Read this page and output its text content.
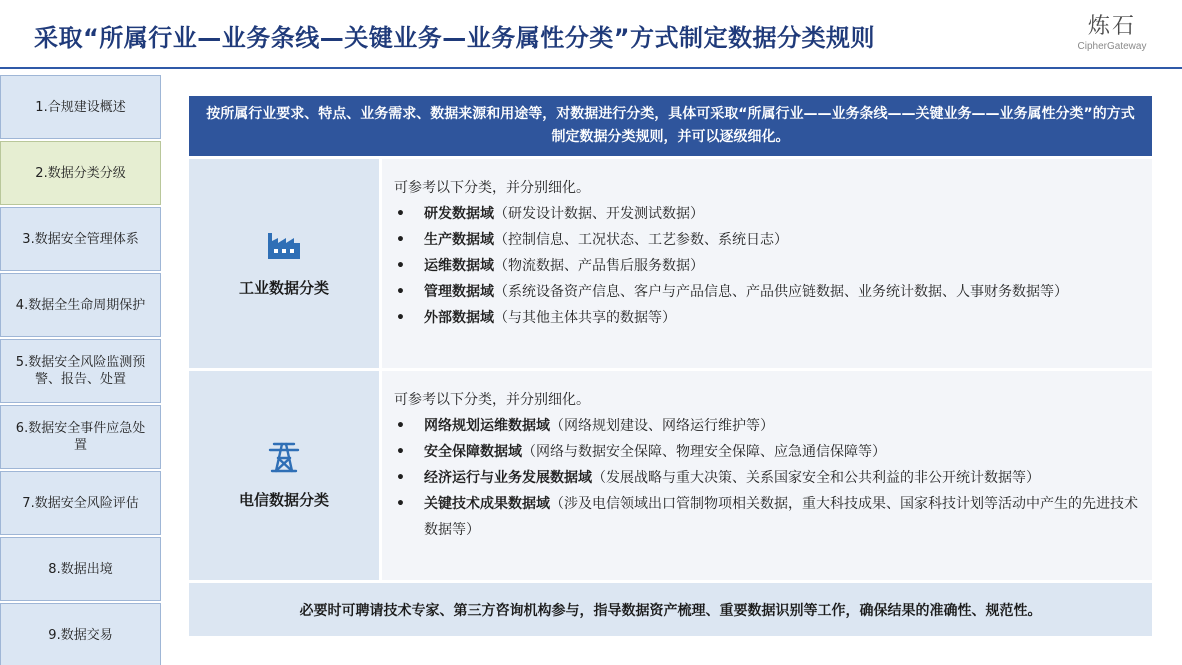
采取“所属行业—业务条线—关键业务—业务属性分类”方式制定数据分类规则	炼石
CipherGateway
1.合规建设概述
2.数据分类分级
3.数据安全管理体系
4.数据全生命周期保护
5.数据安全风险监测预警、报告、处置
6.数据安全事件应急处置
7.数据安全风险评估
8.数据出境
9.数据交易
按所属行业要求、特点、业务需求、数据来源和用途等，对数据进行分类，具体可采取“所属行业——业务条线——关键业务——业务属性分类”的方式制定数据分类规则，并可以逐级细化。
工业数据分类
可参考以下分类，并分别细化。
• 研发数据域（研发设计数据、开发测试数据）
• 生产数据域（控制信息、工况状态、工艺参数、系统日志）
• 运维数据域（物流数据、产品售后服务数据）
• 管理数据域（系统设备资产信息、客户与产品信息、产品供应链数据、业务统计数据、人事财务数据等）
• 外部数据域（与其他主体共享的数据等）
电信数据分类
可参考以下分类，并分别细化。
• 网络规划运维数据域（网络规划建设、网络运行维护等）
• 安全保障数据域（网络与数据安全保障、物理安全保障、应急通信保障等）
• 经济运行与业务发展数据域（发展战略与重大决策、关系国家安全和公共利益的非公开统计数据等）
• 关键技术成果数据域（涉及电信领域出口管制物项相关数据，重大科技成果、国家科技计划等活动中产生的先进技术数据等）
必要时可聘请技术专家、第三方咨询机构参与，指导数据资产梳理、重要数据识别等工作，确保结果的准确性、规范性。
